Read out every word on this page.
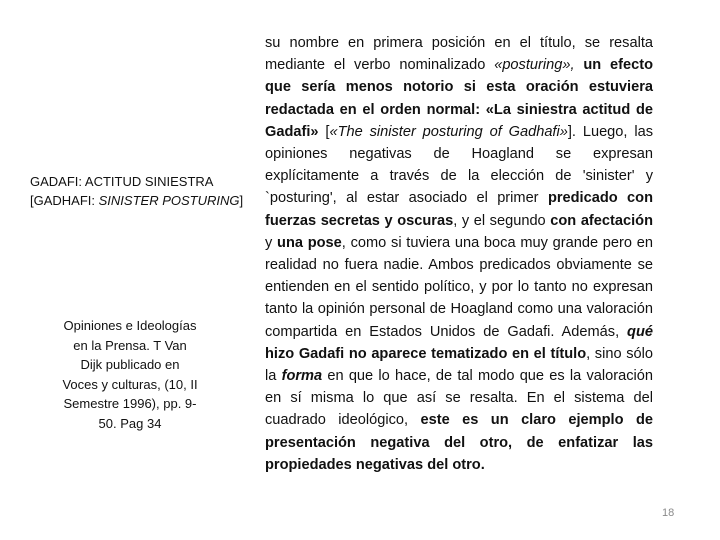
GADAFI: ACTITUD SINIESTRA
[GADHAFI: SINISTER POSTURING]
Opiniones e Ideologías
en la Prensa. T Van
Dijk publicado en
Voces y culturas, (10, II
Semestre 1996), pp. 9-
50. Pag 34
su nombre en primera posición en el título, se resalta mediante el verbo nominalizado «posturing», un efecto que sería menos notorio si esta oración estuviera redactada en el orden normal: «La siniestra actitud de Gadafi» [«The sinister posturing of Gadhafi»]. Luego, las opiniones negativas de Hoagland se expresan explícitamente a través de la elección de 'sinister' y `posturing', al estar asociado el primer predicado con fuerzas secretas y oscuras, y el segundo con afectación y una pose, como si tuviera una boca muy grande pero en realidad no fuera nadie. Ambos predicados obviamente se entienden en el sentido político, y por lo tanto no expresan tanto la opinión personal de Hoagland como una valoración compartida en Estados Unidos de Gadafi. Además, qué hizo Gadafi no aparece tematizado en el título, sino sólo la forma en que lo hace, de tal modo que es la valoración en sí misma lo que así se resalta. En el sistema del cuadrado ideológico, este es un claro ejemplo de presentación negativa del otro, de enfatizar las propiedades negativas del otro.
18
